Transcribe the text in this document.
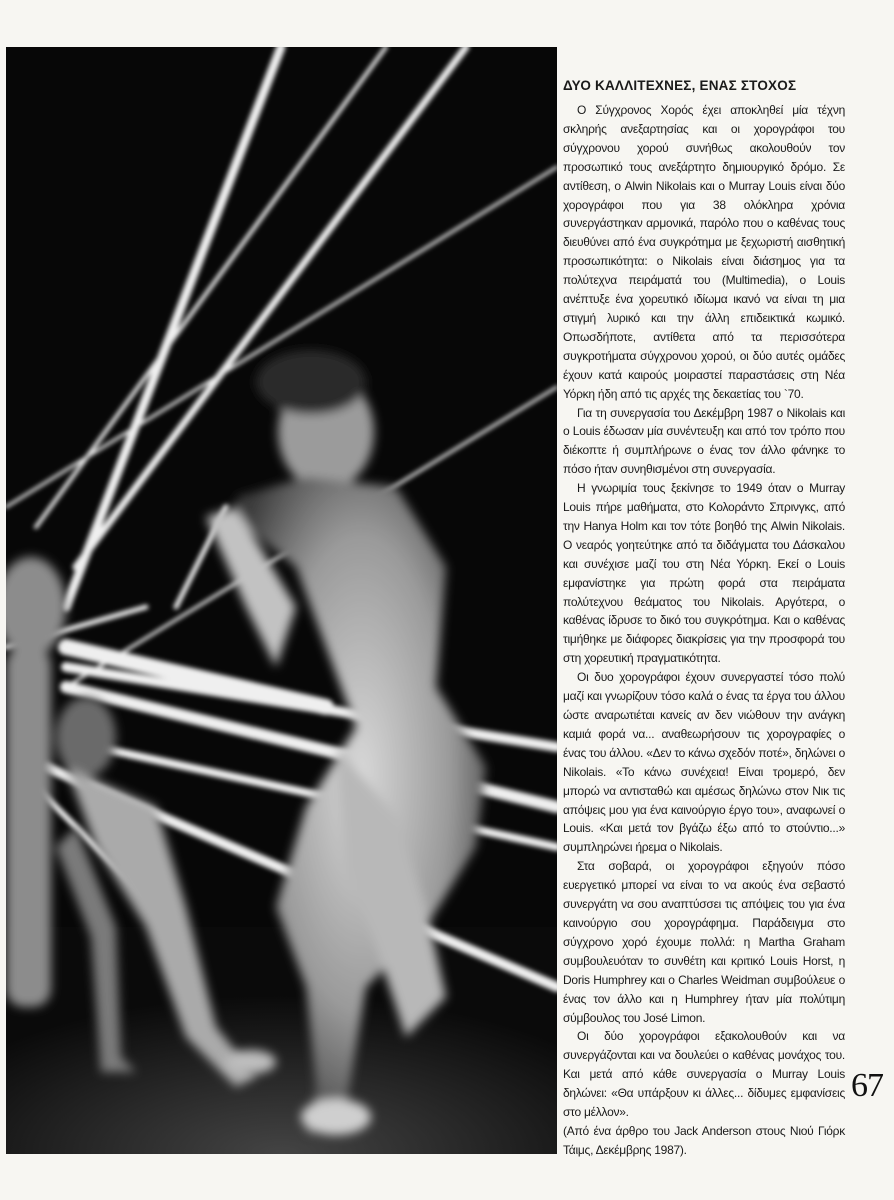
ΔΥΟ ΚΑΛΛΙΤΕΧΝΕΣ, ΕΝΑΣ ΣΤΟΧΟΣ

Ο Σύγχρονος Χορός έχει αποκληθεί μία τέχνη σκληρής ανεξαρτησίας και οι χορογράφοι του σύγχρονου χορού συνήθως ακολουθούν τον προσωπικό τους ανεξάρτητο δημιουργικό δρόμο. Σε αντίθεση, ο Alwin Nikolais και ο Murray Louis είναι δύο χορογράφοι που για 38 ολόκληρα χρόνια συνεργάστηκαν αρμονικά, παρόλο που ο καθένας τους διευθύνει από ένα συγκρότημα με ξεχωριστή αισθητική προσωπικότητα: ο Nikolais είναι διάσημος για τα πολύτεχνα πειράματά του (Multimedia), ο Louis ανέπτυξε ένα χορευτικό ιδίωμα ικανό να είναι τη μια στιγμή λυρικό και την άλλη επιδεικτικά κωμικό. Οπωσδήποτε, αντίθετα από τα περισσότερα συγκροτήματα σύγχρονου χορού, οι δύο αυτές ομάδες έχουν κατά καιρούς μοιραστεί παραστάσεις στη Νέα Υόρκη ήδη από τις αρχές της δεκαετίας του `70.

Για τη συνεργασία του Δεκέμβρη 1987 ο Nikolais και ο Louis έδωσαν μία συνέντευξη και από τον τρόπο που διέκοπτε ή συμπλήρωνε ο ένας τον άλλο φάνηκε το πόσο ήταν συνηθισμένοι στη συνεργασία.

Η γνωριμία τους ξεκίνησε το 1949 όταν ο Murray Louis πήρε μαθήματα, στο Κολοράντο Σπρινγκς, από την Hanya Holm και τον τότε βοηθό της Alwin Nikolais. Ο νεαρός γοητεύτηκε από τα διδάγματα του Δάσκαλου και συνέχισε μαζί του στη Νέα Υόρκη. Εκεί ο Louis εμφανίστηκε για πρώτη φορά στα πειράματα πολύτεχνου θεάματος του Nikolais. Αργότερα, ο καθένας ίδρυσε το δικό του συγκρότημα. Και ο καθένας τιμήθηκε με διάφορες διακρίσεις για την προσφορά του στη χορευτική πραγματικότητα.

Οι δυο χορογράφοι έχουν συνεργαστεί τόσο πολύ μαζί και γνωρίζουν τόσο καλά ο ένας τα έργα του άλλου ώστε αναρωτιέται κανείς αν δεν νιώθουν την ανάγκη καμιά φορά να... αναθεωρήσουν τις χορογραφίες ο ένας του άλλου. «Δεν το κάνω σχεδόν ποτέ», δηλώνει ο Nikolais. «Το κάνω συνέχεια! Είναι τρομερό, δεν μπορώ να αντισταθώ και αμέσως δηλώνω στον Νικ τις απόψεις μου για ένα καινούργιο έργο του», αναφωνεί ο Louis. «Και μετά τον βγάζω έξω από το στούντιο...» συμπληρώνει ήρεμα ο Nikolais.

Στα σοβαρά, οι χορογράφοι εξηγούν πόσο ευεργετικό μπορεί να είναι το να ακούς ένα σεβαστό συνεργάτη να σου αναπτύσσει τις απόψεις του για ένα καινούργιο σου χορογράφημα. Παράδειγμα στο σύγχρονο χορό έχουμε πολλά: η Martha Graham συμβουλευόταν το συνθέτη και κριτικό Louis Horst, η Doris Humphrey και ο Charles Weidman συμβούλευε ο ένας τον άλλο και η Humphrey ήταν μία πολύτιμη σύμβουλος του José Limon.

Οι δύο χορογράφοι εξακολουθούν και να συνεργάζονται και να δουλεύει ο καθένας μονάχος του. Και μετά από κάθε συνεργασία ο Murray Louis δηλώνει: «Θα υπάρξουν κι άλλες... δίδυμες εμφανίσεις στο μέλλον».

(Από ένα άρθρο του Jack Anderson στους Νιού Γιόρκ Τάιμς, Δεκέμβρης 1987).

67
